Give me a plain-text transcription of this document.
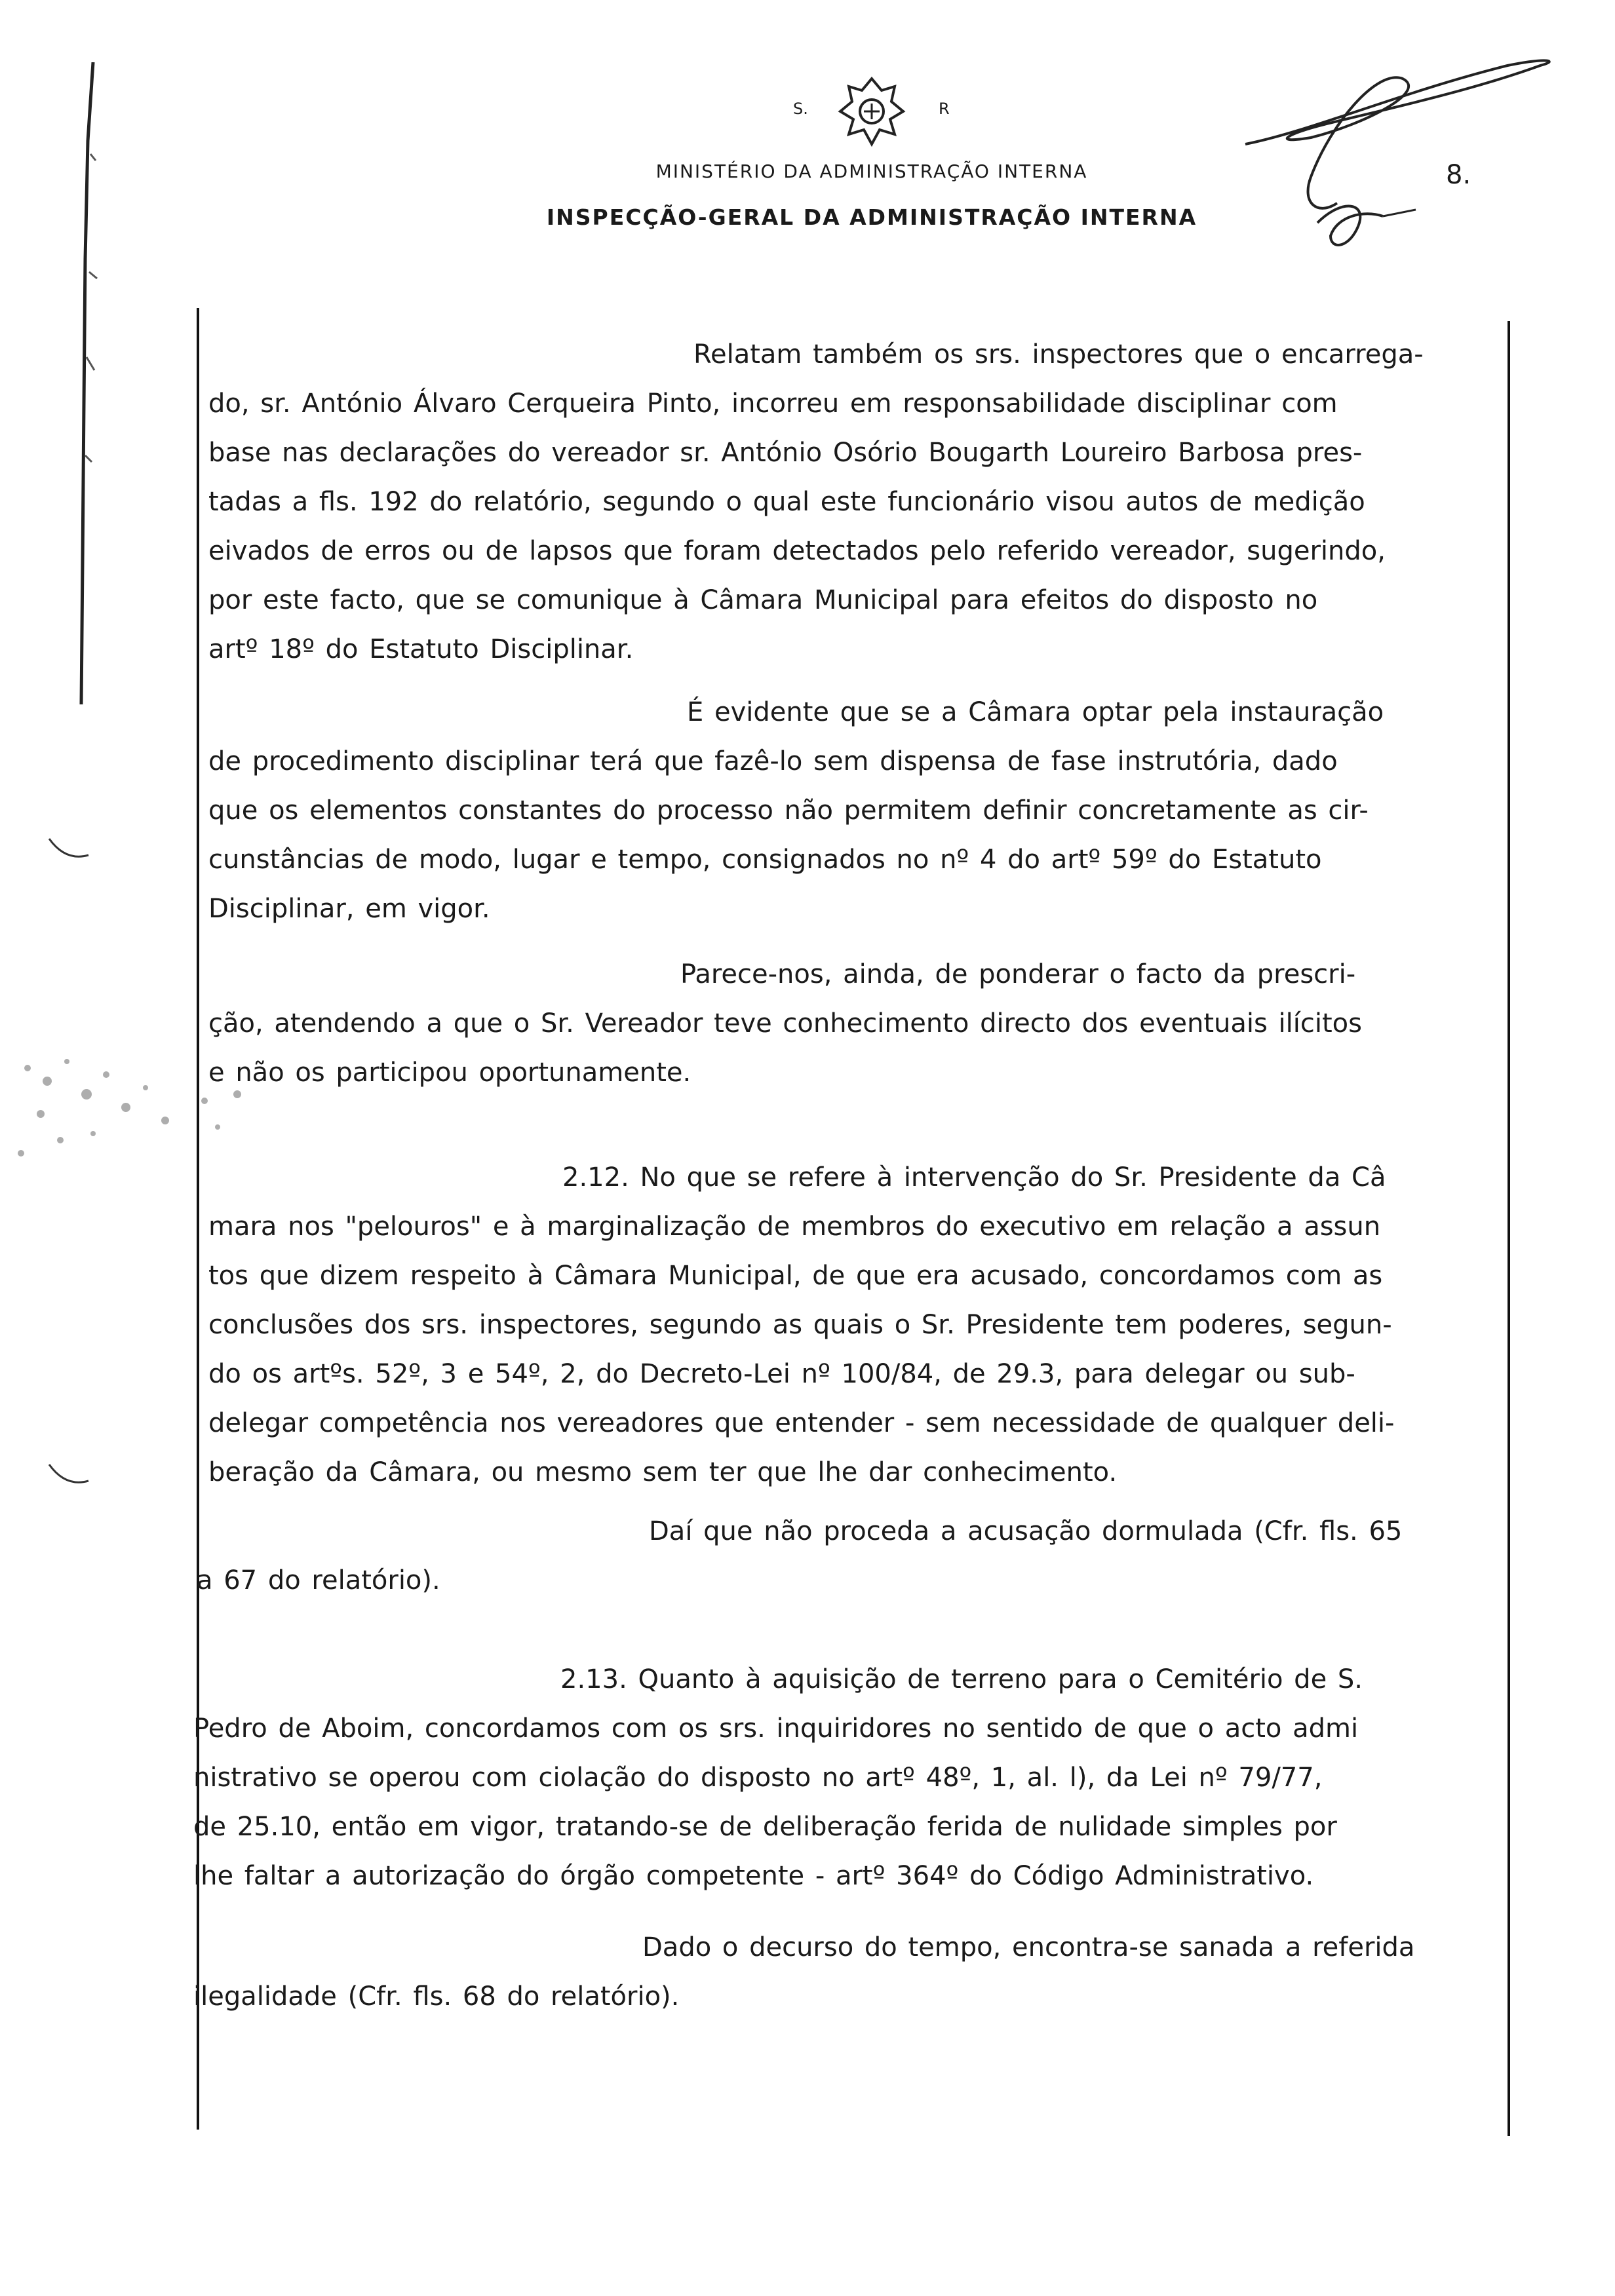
S.	R
MINISTÉRIO DA ADMINISTRAÇÃO INTERNA
INSPECÇÃO-GERAL DA ADMINISTRAÇÃO INTERNA
8.
Relatam também os srs. inspectores que o encarrega-
do, sr. António Álvaro Cerqueira Pinto, incorreu em responsabilidade disciplinar com
base nas declarações do vereador sr. António Osório Bougarth Loureiro Barbosa pres-
tadas a fls. 192 do relatório, segundo o qual este funcionário visou autos de medição
eivados de erros ou de lapsos que foram detectados pelo referido vereador, sugerindo,
por este facto, que se comunique à Câmara Municipal para efeitos do disposto no
artº 18º do Estatuto Disciplinar.
É evidente que se a Câmara optar pela instauração
de procedimento disciplinar terá que fazê-lo sem dispensa de fase instrutória, dado
que os elementos constantes do processo não permitem definir concretamente as cir-
cunstâncias de modo, lugar e tempo, consignados no nº 4 do artº 59º do Estatuto
Disciplinar, em vigor.
Parece-nos, ainda, de ponderar o facto da prescri-
ção, atendendo a que o Sr. Vereador teve conhecimento directo dos eventuais ilícitos
e não os participou oportunamente.
2.12. No que se refere à intervenção do Sr. Presidente da Câ
mara nos "pelouros" e à marginalização de membros do executivo em relação a assun
tos que dizem respeito à Câmara Municipal, de que era acusado, concordamos com as
conclusões dos srs. inspectores, segundo as quais o Sr. Presidente tem poderes, segun-
do os artºs. 52º, 3 e 54º, 2, do Decreto-Lei nº 100/84, de 29.3, para delegar ou sub-
delegar competência nos vereadores que entender - sem necessidade de qualquer deli-
beração da Câmara, ou mesmo sem ter que lhe dar conhecimento.
Daí que não proceda a acusação dormulada (Cfr. fls. 65
a 67 do relatório).
2.13. Quanto à aquisição de terreno para o Cemitério de S.
Pedro de Aboim, concordamos com os srs. inquiridores no sentido de que o acto admi
nistrativo se operou com ciolação do disposto no artº 48º, 1, al. l), da Lei nº 79/77,
de 25.10, então em vigor, tratando-se de deliberação ferida de nulidade simples por
lhe faltar a autorização do órgão competente - artº 364º do Código Administrativo.
Dado o decurso do tempo, encontra-se sanada a referida
ilegalidade (Cfr. fls. 68 do relatório).
